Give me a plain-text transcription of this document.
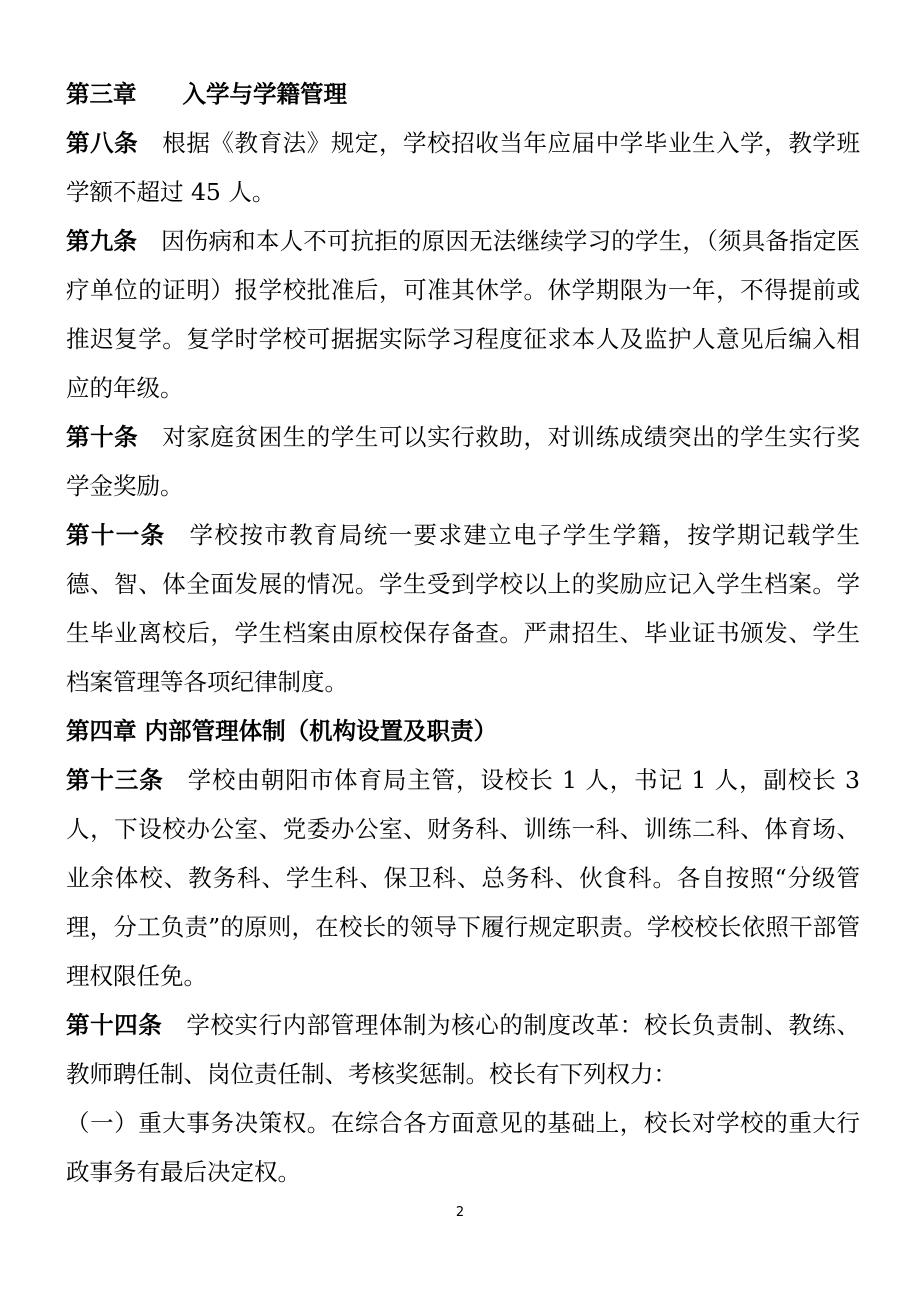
第三章 入学与学籍管理

第八条 根据《教育法》规定，学校招收当年应届中学毕业生入学，教学班学额不超过 45 人。

第九条 因伤病和本人不可抗拒的原因无法继续学习的学生，（须具备指定医疗单位的证明）报学校批准后，可准其休学。休学期限为一年，不得提前或推迟复学。复学时学校可据据实际学习程度征求本人及监护人意见后编入相应的年级。

第十条 对家庭贫困生的学生可以实行救助，对训练成绩突出的学生实行奖学金奖励。

第十一条 学校按市教育局统一要求建立电子学生学籍，按学期记载学生德、智、体全面发展的情况。学生受到学校以上的奖励应记入学生档案。学生毕业离校后，学生档案由原校保存备查。严肃招生、毕业证书颁发、学生档案管理等各项纪律制度。

第四章 内部管理体制（机构设置及职责）

第十三条 学校由朝阳市体育局主管，设校长 1 人，书记 1 人，副校长 3 人，下设校办公室、党委办公室、财务科、训练一科、训练二科、体育场、业余体校、教务科、学生科、保卫科、总务科、伙食科。各自按照“分级管理，分工负责”的原则，在校长的领导下履行规定职责。学校校长依照干部管理权限任免。

第十四条 学校实行内部管理体制为核心的制度改革：校长负责制、教练、教师聘任制、岗位责任制、考核奖惩制。校长有下列权力：

（一）重大事务决策权。在综合各方面意见的基础上，校长对学校的重大行政事务有最后决定权。

2
